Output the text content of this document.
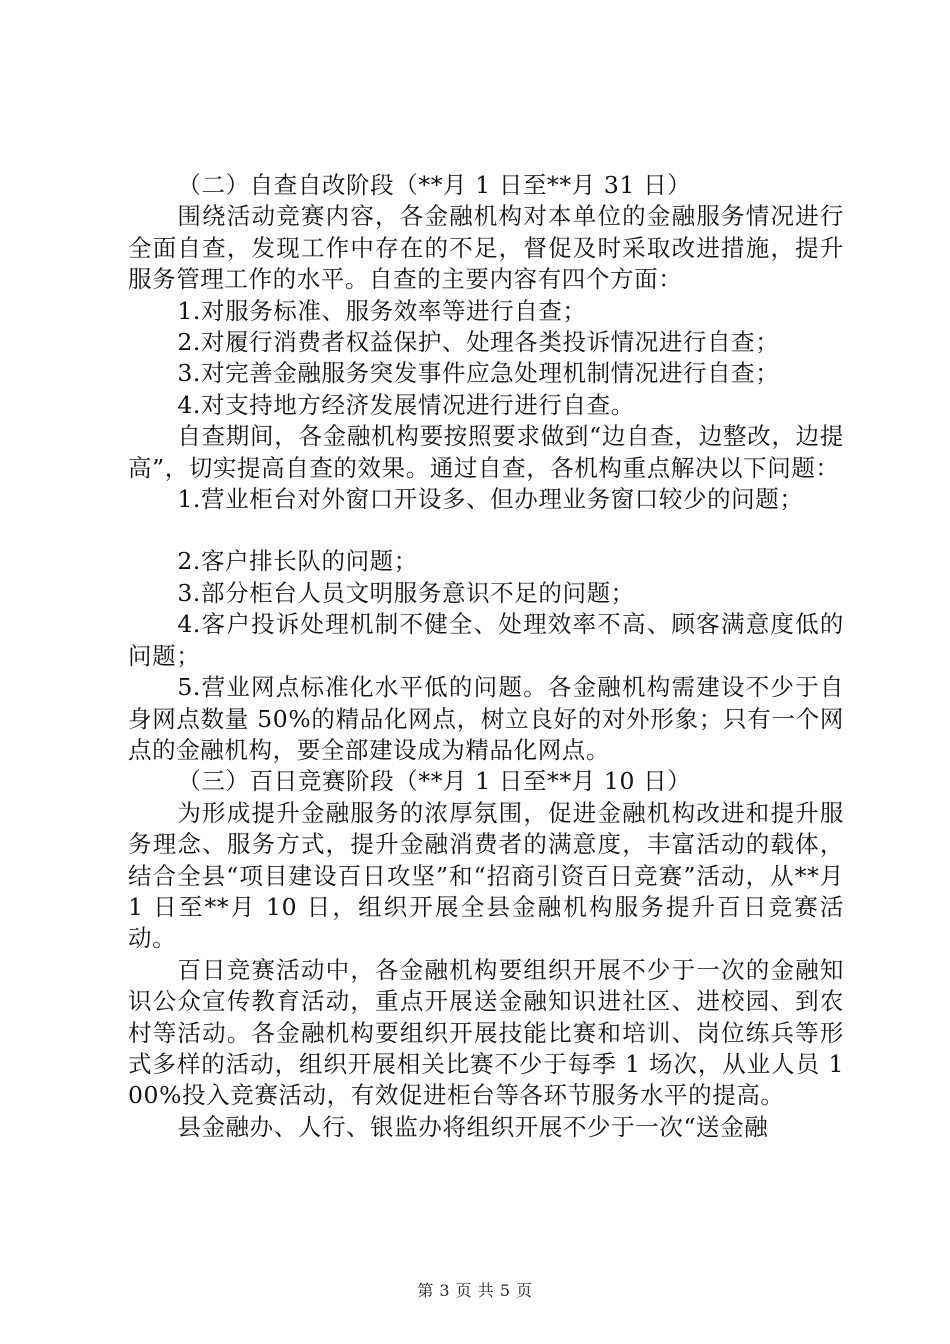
（二）自查自改阶段（**月 1 日至**月 31 日）

围绕活动竞赛内容，各金融机构对本单位的金融服务情况进行全面自查，发现工作中存在的不足，督促及时采取改进措施，提升服务管理工作的水平。自查的主要内容有四个方面：

1.对服务标准、服务效率等进行自查；

2.对履行消费者权益保护、处理各类投诉情况进行自查；

3.对完善金融服务突发事件应急处理机制情况进行自查；

4.对支持地方经济发展情况进行进行自查。

自查期间，各金融机构要按照要求做到“边自查，边整改，边提高”，切实提高自查的效果。通过自查，各机构重点解决以下问题：

1.营业柜台对外窗口开设多、但办理业务窗口较少的问题；

2.客户排长队的问题；

3.部分柜台人员文明服务意识不足的问题；

4.客户投诉处理机制不健全、处理效率不高、顾客满意度低的问题；

5.营业网点标准化水平低的问题。各金融机构需建设不少于自身网点数量 50%的精品化网点，树立良好的对外形象；只有一个网点的金融机构，要全部建设成为精品化网点。

（三）百日竞赛阶段（**月 1 日至**月 10 日）

为形成提升金融服务的浓厚氛围，促进金融机构改进和提升服务理念、服务方式，提升金融消费者的满意度，丰富活动的载体，结合全县“项目建设百日攻坚”和“招商引资百日竞赛”活动，从**月 1 日至**月 10 日，组织开展全县金融机构服务提升百日竞赛活动。

百日竞赛活动中，各金融机构要组织开展不少于一次的金融知识公众宣传教育活动，重点开展送金融知识进社区、进校园、到农村等活动。各金融机构要组织开展技能比赛和培训、岗位练兵等形式多样的活动，组织开展相关比赛不少于每季 1 场次，从业人员 100%投入竞赛活动，有效促进柜台等各环节服务水平的提高。

县金融办、人行、银监办将组织开展不少于一次“送金融

第 3 页 共 5 页
